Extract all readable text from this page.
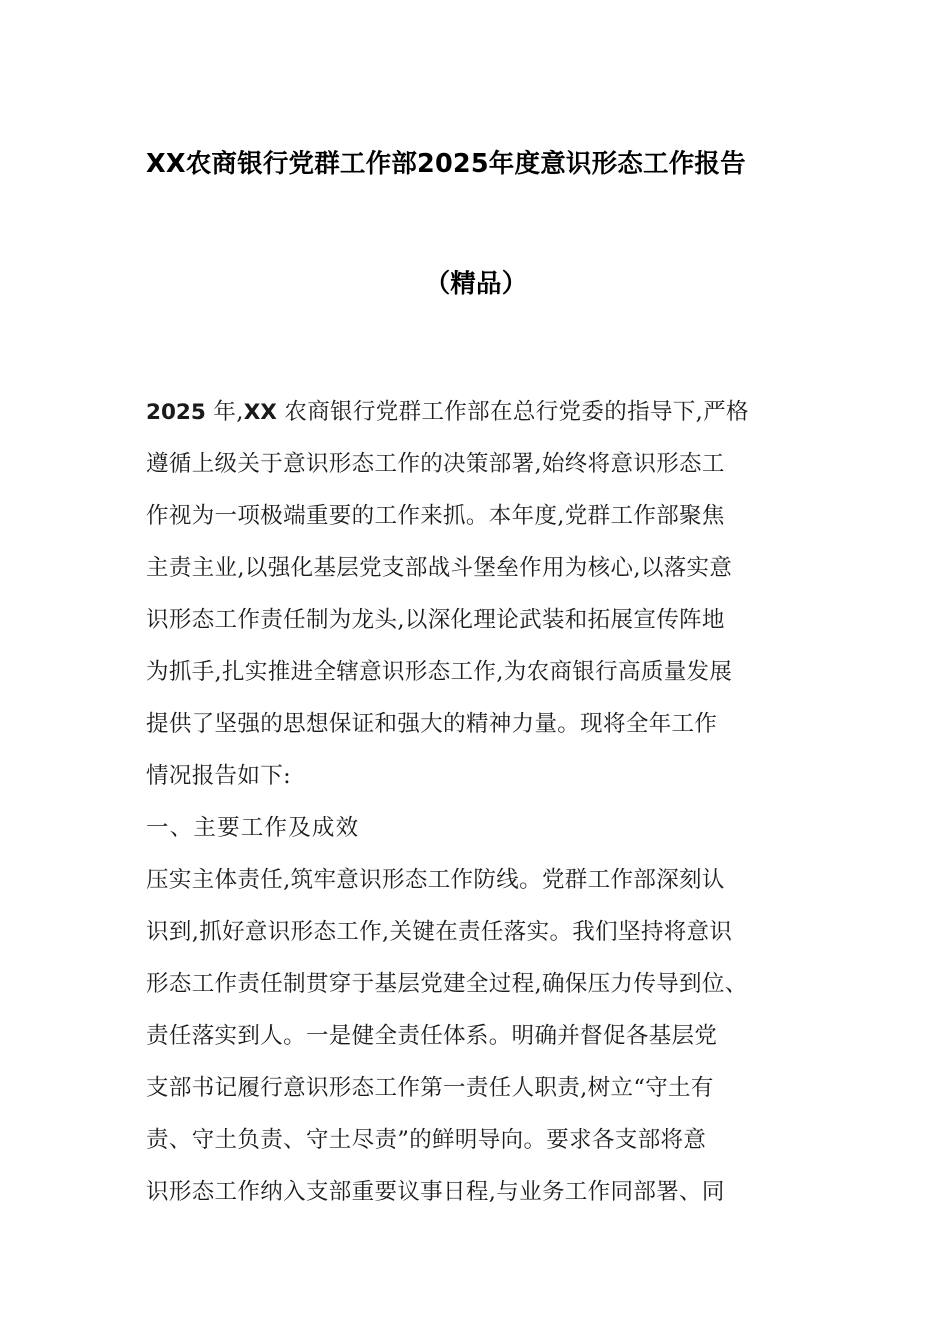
XX农商银行党群工作部2025年度意识形态工作报告
（精品）
2025 年,XX 农商银行党群工作部在总行党委的指导下,严格
遵循上级关于意识形态工作的决策部署,始终将意识形态工
作视为一项极端重要的工作来抓。本年度,党群工作部聚焦
主责主业,以强化基层党支部战斗堡垒作用为核心,以落实意
识形态工作责任制为龙头,以深化理论武装和拓展宣传阵地
为抓手,扎实推进全辖意识形态工作,为农商银行高质量发展
提供了坚强的思想保证和强大的精神力量。现将全年工作
情况报告如下:
一、主要工作及成效
压实主体责任,筑牢意识形态工作防线。党群工作部深刻认
识到,抓好意识形态工作,关键在责任落实。我们坚持将意识
形态工作责任制贯穿于基层党建全过程,确保压力传导到位、
责任落实到人。一是健全责任体系。明确并督促各基层党
支部书记履行意识形态工作第一责任人职责,树立“守土有
责、守土负责、守土尽责”的鲜明导向。要求各支部将意
识形态工作纳入支部重要议事日程,与业务工作同部署、同
